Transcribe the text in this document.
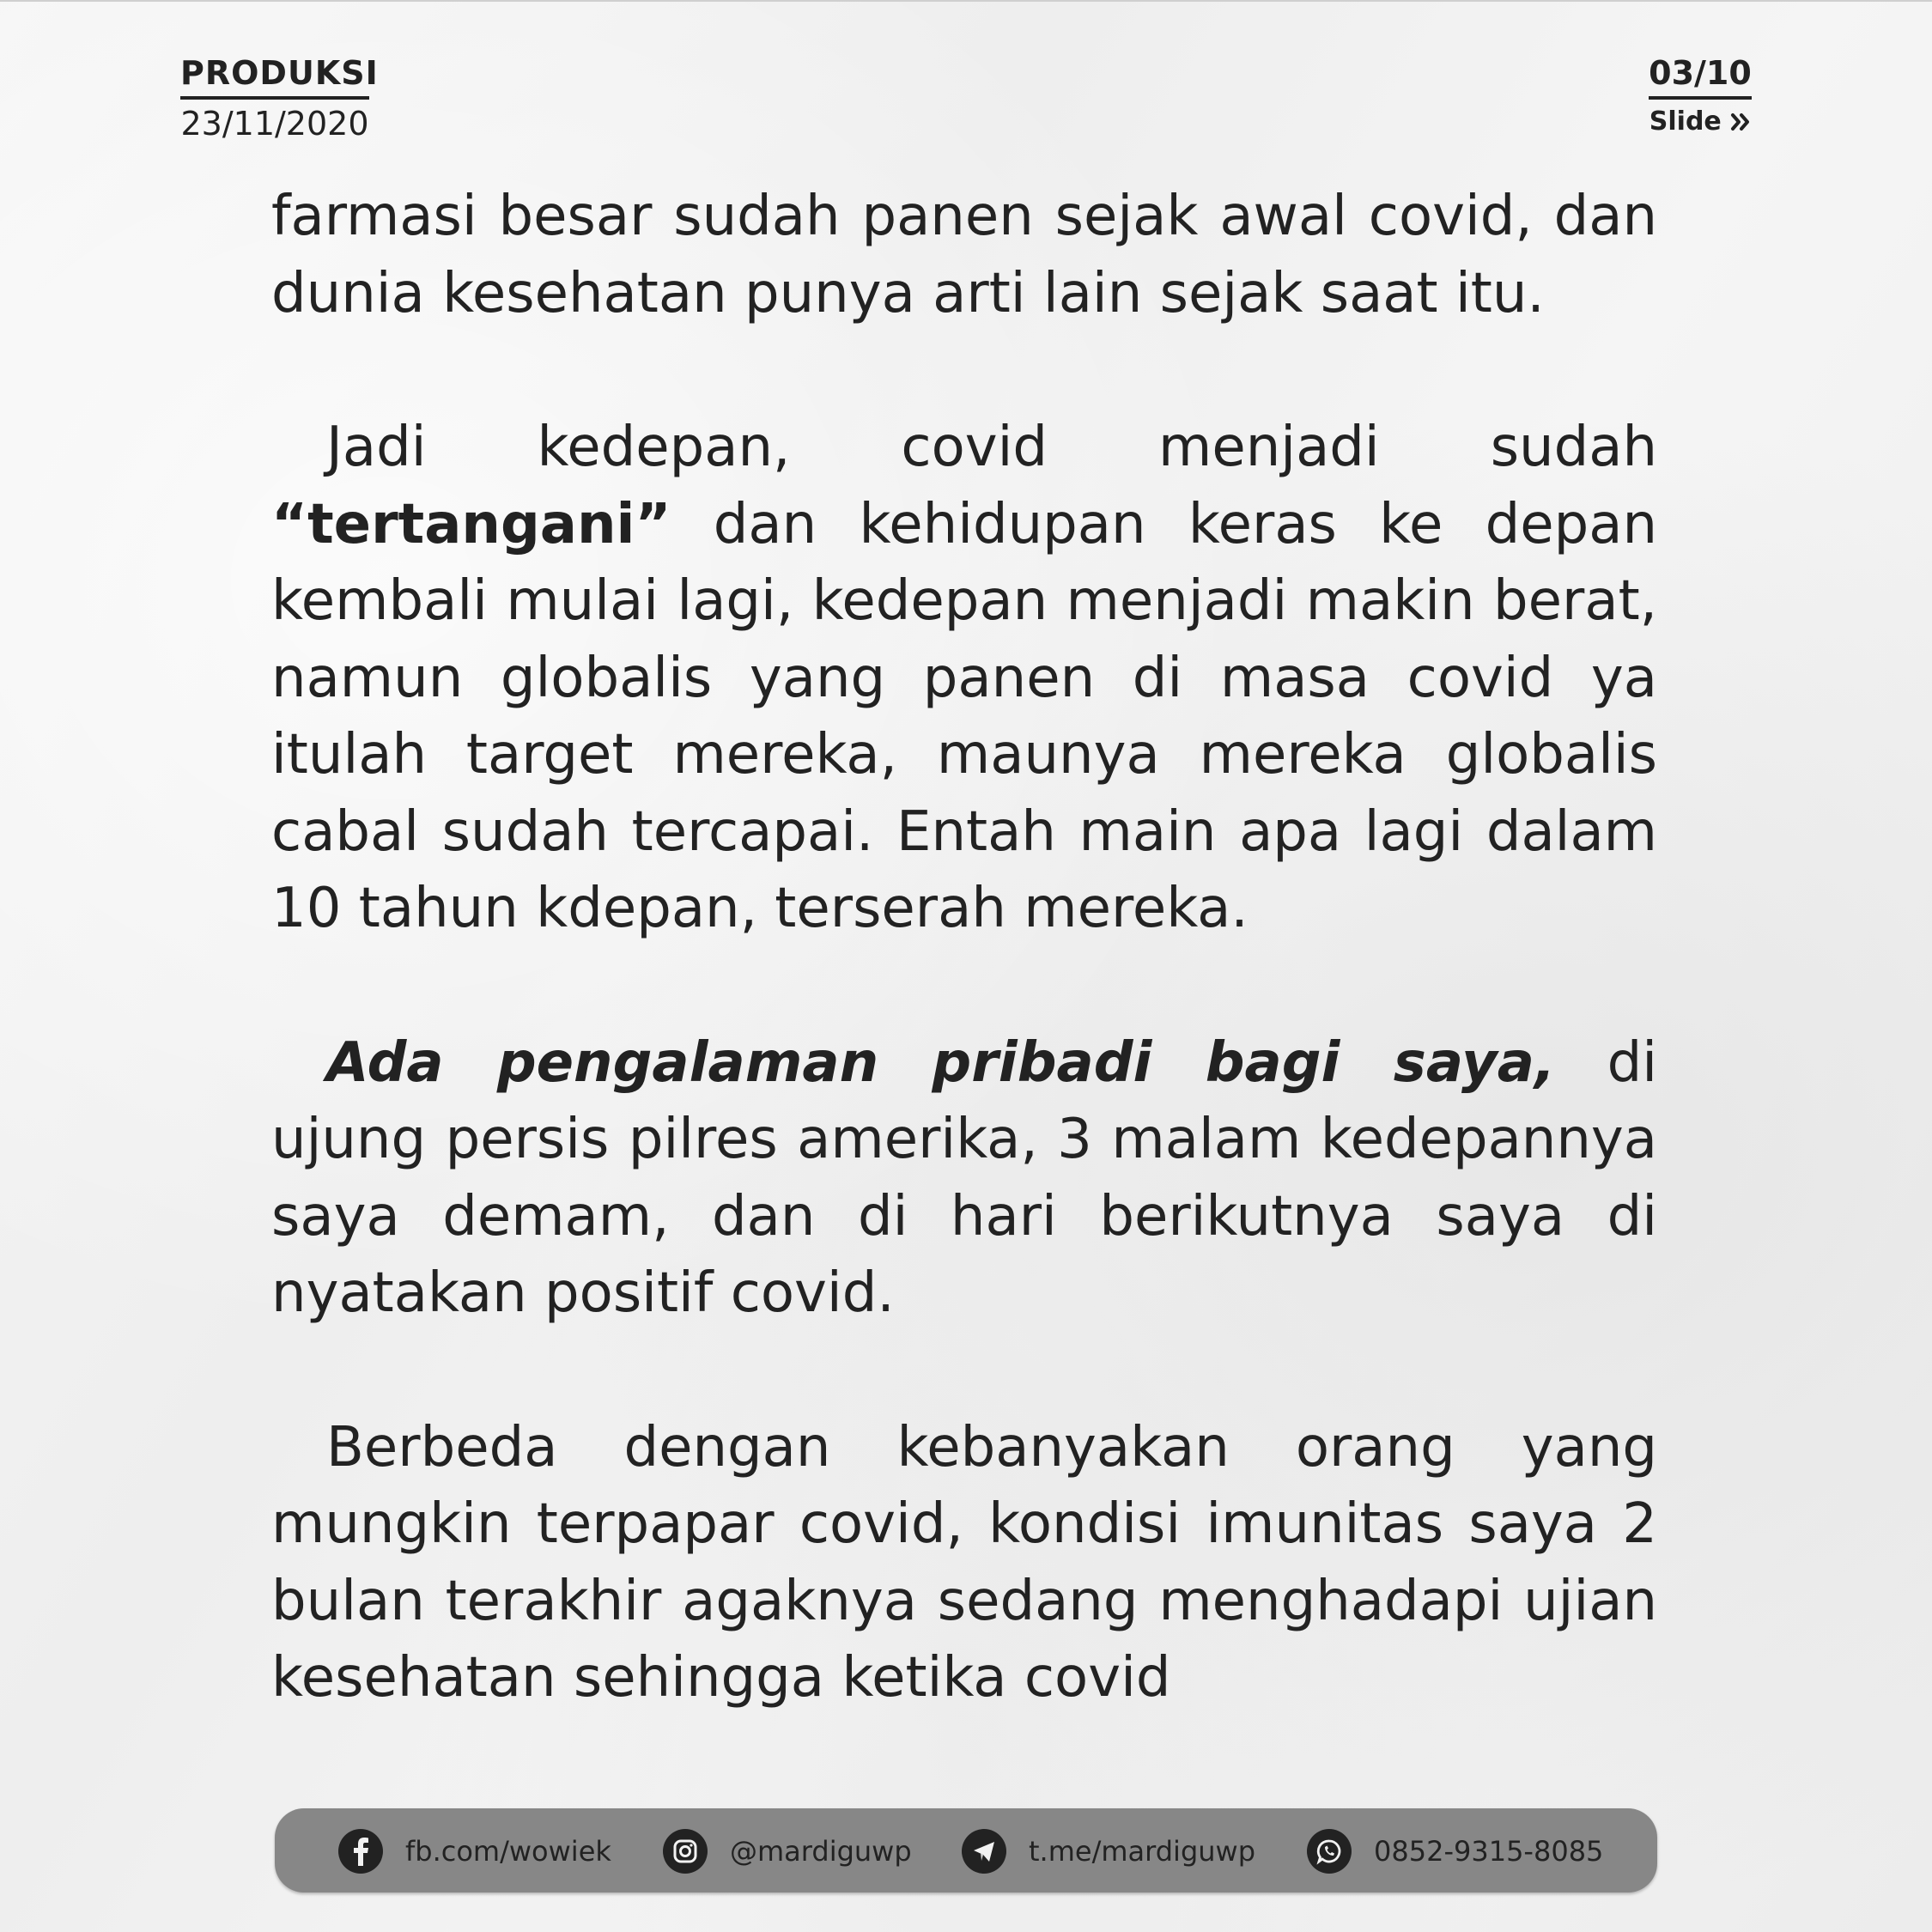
PRODUKSI
23/11/2020
03/10
Slide

farmasi besar sudah panen sejak awal covid, dan dunia kesehatan punya arti lain sejak saat itu.

Jadi kedepan, covid menjadi sudah “tertangani” dan kehidupan keras ke depan kembali mulai lagi, kedepan menjadi makin berat, namun globalis yang panen di masa covid ya itulah target mereka, maunya mereka globalis cabal sudah tercapai. Entah main apa lagi dalam 10 tahun kdepan, terserah mereka.

Ada pengalaman pribadi bagi saya, di ujung persis pilres amerika, 3 malam kedepannya saya demam, dan di hari berikutnya saya di nyatakan positif covid.

Berbeda dengan kebanyakan orang yang mungkin terpapar covid, kondisi imunitas saya 2 bulan terakhir agaknya sedang menghadapi ujian kesehatan sehingga ketika covid

fb.com/wowiek	@mardiguwp	t.me/mardiguwp	0852-9315-8085
